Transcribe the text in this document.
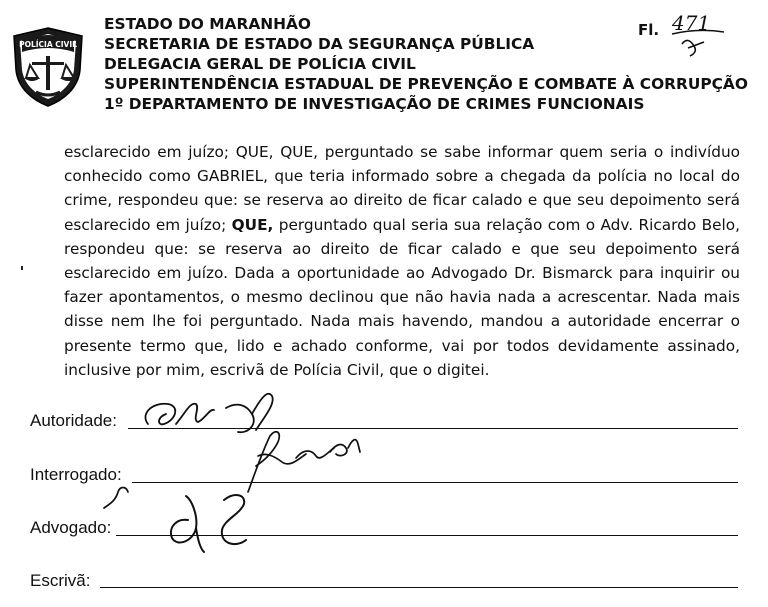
POLÍCIA CIVIL
ESTADO DO MARANHÃO
SECRETARIA DE ESTADO DA SEGURANÇA PÚBLICA
DELEGACIA GERAL DE POLÍCIA CIVIL
SUPERINTENDÊNCIA ESTADUAL DE PREVENÇÃO E COMBATE À CORRUPÇÃO
1º DEPARTAMENTO DE INVESTIGAÇÃO DE CRIMES FUNCIONAIS
Fl. 471
esclarecido em juízo; QUE, QUE, perguntado se sabe informar quem seria o indivíduo conhecido como GABRIEL, que teria informado sobre a chegada da polícia no local do crime, respondeu que: se reserva ao direito de ficar calado e que seu depoimento será esclarecido em juízo; QUE, perguntado qual seria sua relação com o Adv. Ricardo Belo, respondeu que: se reserva ao direito de ficar calado e que seu depoimento será esclarecido em juízo. Dada a oportunidade ao Advogado Dr. Bismarck para inquirir ou fazer apontamentos, o mesmo declinou que não havia nada a acrescentar. Nada mais disse nem lhe foi perguntado. Nada mais havendo, mandou a autoridade encerrar o presente termo que, lido e achado conforme, vai por todos devidamente assinado, inclusive por mim, escrivã de Polícia Civil, que o digitei.
Autoridade:
Interrogado:
Advogado:
Escrivã:
